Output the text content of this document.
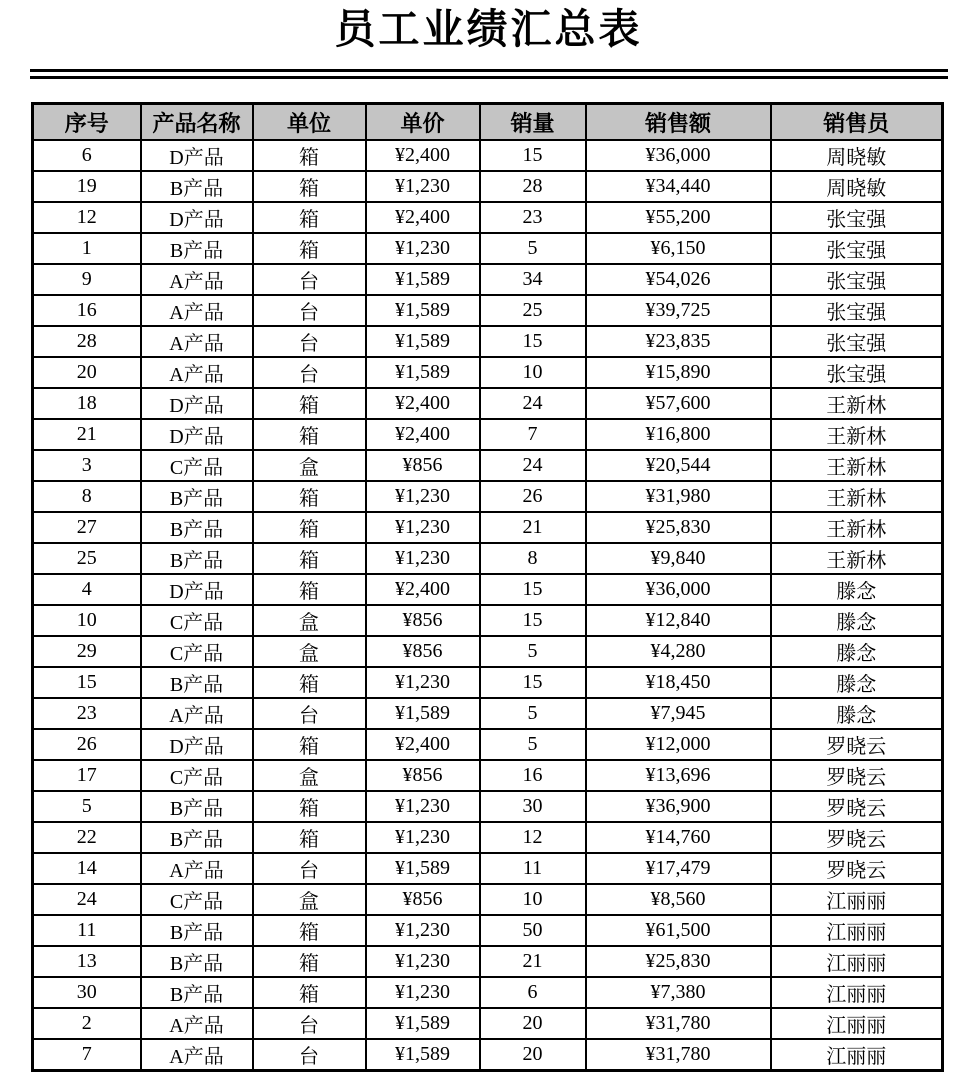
员工业绩汇总表
序号	产品名称	单位	单价	销量	销售额	销售员
6	D产品	箱	¥2,400	15	¥36,000	周晓敏
19	B产品	箱	¥1,230	28	¥34,440	周晓敏
12	D产品	箱	¥2,400	23	¥55,200	张宝强
1	B产品	箱	¥1,230	5	¥6,150	张宝强
9	A产品	台	¥1,589	34	¥54,026	张宝强
16	A产品	台	¥1,589	25	¥39,725	张宝强
28	A产品	台	¥1,589	15	¥23,835	张宝强
20	A产品	台	¥1,589	10	¥15,890	张宝强
18	D产品	箱	¥2,400	24	¥57,600	王新林
21	D产品	箱	¥2,400	7	¥16,800	王新林
3	C产品	盒	¥856	24	¥20,544	王新林
8	B产品	箱	¥1,230	26	¥31,980	王新林
27	B产品	箱	¥1,230	21	¥25,830	王新林
25	B产品	箱	¥1,230	8	¥9,840	王新林
4	D产品	箱	¥2,400	15	¥36,000	滕念
10	C产品	盒	¥856	15	¥12,840	滕念
29	C产品	盒	¥856	5	¥4,280	滕念
15	B产品	箱	¥1,230	15	¥18,450	滕念
23	A产品	台	¥1,589	5	¥7,945	滕念
26	D产品	箱	¥2,400	5	¥12,000	罗晓云
17	C产品	盒	¥856	16	¥13,696	罗晓云
5	B产品	箱	¥1,230	30	¥36,900	罗晓云
22	B产品	箱	¥1,230	12	¥14,760	罗晓云
14	A产品	台	¥1,589	11	¥17,479	罗晓云
24	C产品	盒	¥856	10	¥8,560	江丽丽
11	B产品	箱	¥1,230	50	¥61,500	江丽丽
13	B产品	箱	¥1,230	21	¥25,830	江丽丽
30	B产品	箱	¥1,230	6	¥7,380	江丽丽
2	A产品	台	¥1,589	20	¥31,780	江丽丽
7	A产品	台	¥1,589	20	¥31,780	江丽丽
